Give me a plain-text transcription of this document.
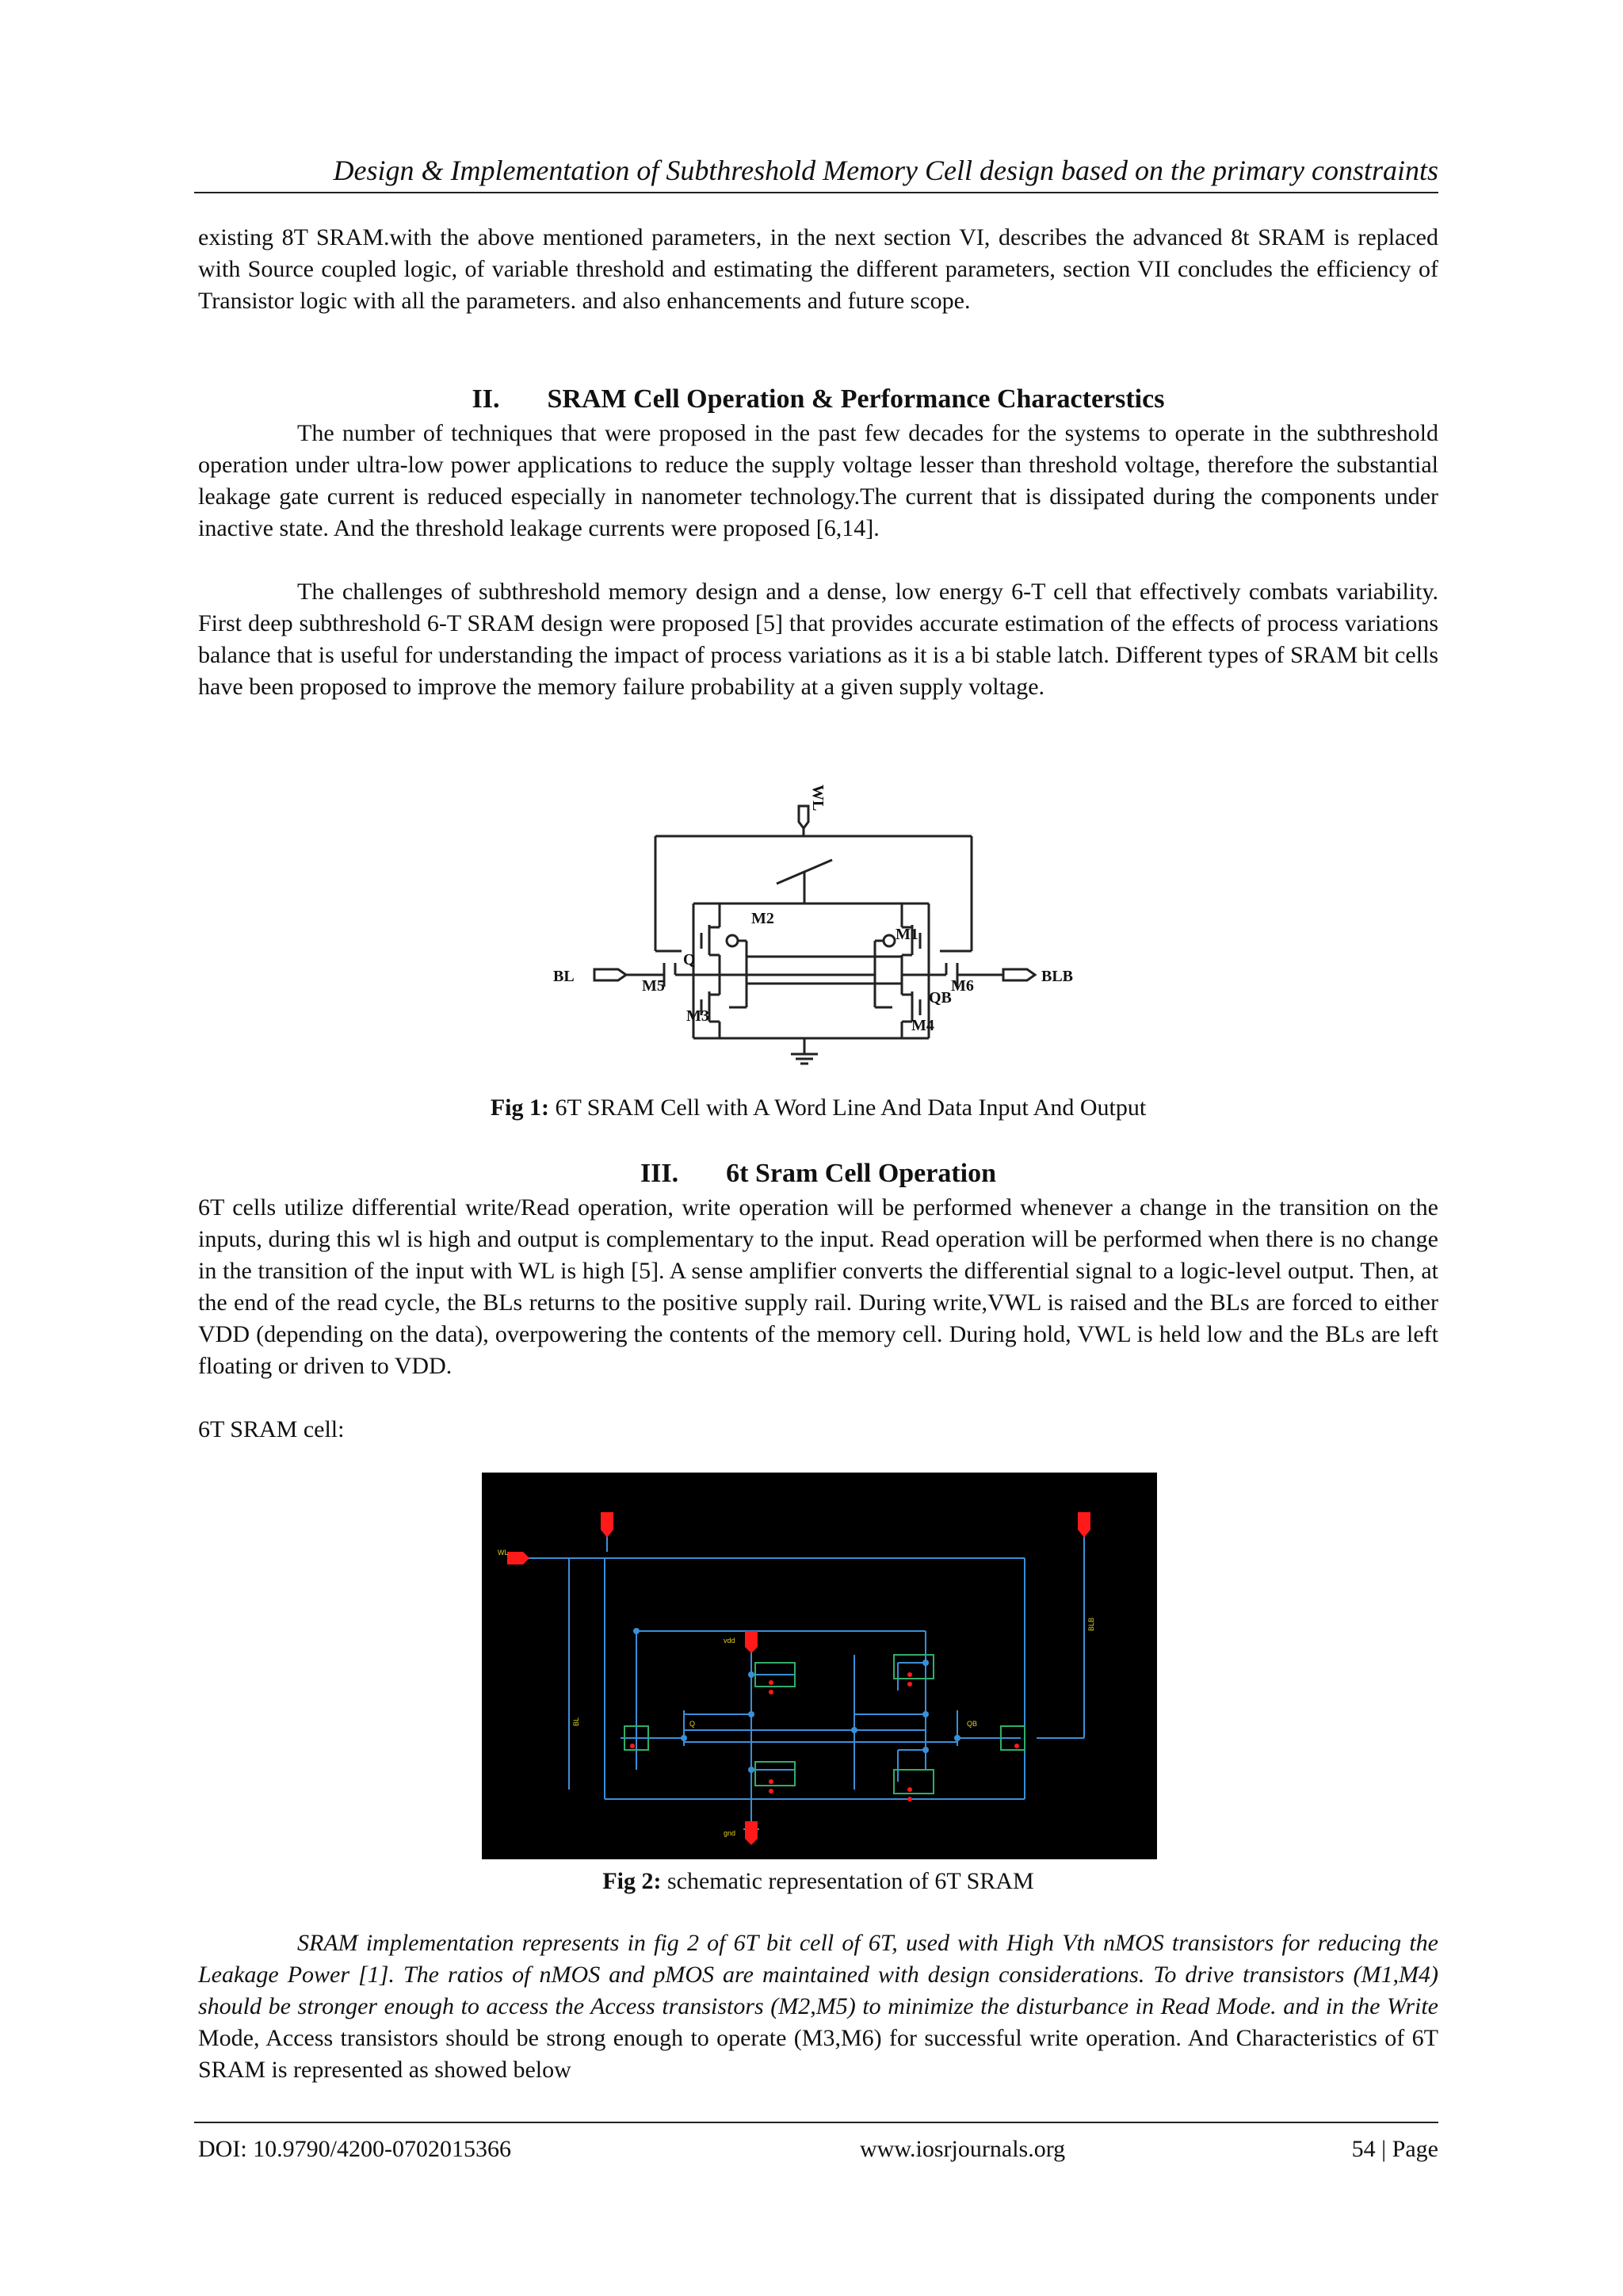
Design & Implementation of Subthreshold Memory Cell design based on the primary constraints

existing 8T SRAM.with the above mentioned parameters, in the next section VI, describes the advanced 8t SRAM is replaced with Source coupled logic, of variable threshold and estimating the different parameters, section VII concludes the efficiency of Transistor logic with all the parameters. and also enhancements and future scope.

II. SRAM Cell Operation & Performance Characterstics

The number of techniques that were proposed in the past few decades for the systems to operate in the subthreshold operation under ultra-low power applications to reduce the supply voltage lesser than threshold voltage, therefore the substantial leakage gate current is reduced especially in nanometer technology.The current that is dissipated during the components under inactive state. And the threshold leakage currents were proposed [6,14].

The challenges of subthreshold memory design and a dense, low energy 6-T cell that effectively combats variability. First deep subthreshold 6-T SRAM design were proposed [5] that provides accurate estimation of the effects of process variations balance that is useful for understanding the impact of process variations as it is a bi stable latch. Different types of SRAM bit cells have been proposed to improve the memory failure probability at a given supply voltage.

WL
BL	BLB
M2
M1
M3
M4
M5	M6
Q
QB
Fig 1: 6T SRAM Cell with A Word Line And Data Input And Output
III. 6t Sram Cell Operation

6T cells utilize differential write/Read operation, write operation will be performed whenever a change in the transition on the inputs, during this wl is high and output is complementary to the input. Read operation will be performed when there is no change in the transition of the input with WL is high [5]. A sense amplifier converts the differential signal to a logic-level output. Then, at the end of the read cycle, the BLs returns to the positive supply rail. During write,VWL is raised and the BLs are forced to either VDD (depending on the data), overpowering the contents of the memory cell. During hold, VWL is held low and the BLs are left floating or driven to VDD.

6T SRAM cell:

WL
BLB
BL	Q	QB
vdd
gnd
Fig 2: schematic representation of 6T SRAM

SRAM implementation represents in fig 2 of 6T bit cell of 6T, used with High Vth nMOS transistors for reducing the Leakage Power [1]. The ratios of nMOS and pMOS are maintained with design considerations. To drive transistors (M1,M4) should be stronger enough to access the Access transistors (M2,M5) to minimize the disturbance in Read Mode. and in the Write Mode, Access transistors should be strong enough to operate (M3,M6) for successful write operation. And Characteristics of 6T SRAM is represented as showed below

DOI: 10.9790/4200-0702015366	www.iosrjournals.org	54 | Page
